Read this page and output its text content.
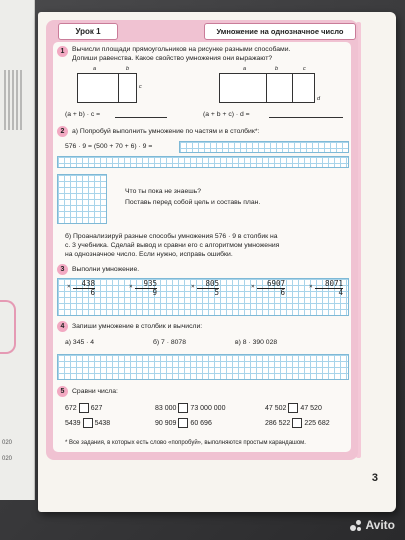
020
020
Урок 1	Умножение на однозначное число
1	Вычисли площади прямоугольников на рисунке разными способами.
Допиши равенства. Какое свойство умножения они выражают?
a	b
c
a	b	c
d
(a + b) · c =	(a + b + c) · d =
2	а) Попробуй выполнить умножение по частям и в столбик*:
576 · 9 = (500 + 70 + 6) · 9 =
Что ты пока не знаешь?
Поставь перед собой цель и составь план.
б) Проанализируй разные способы умножения 576 · 9 в столбик на
с. 3 учебника. Сделай вывод и сравни его с алгоритмом умножения
на однозначное число. Если нужно, исправь ошибки.
3	Выполни умножение.
×	438
6
×	935
9
×	805
5
×	6907
6
×	8071
4
4	Запиши умножение в столбик и вычисли:
а) 345 · 4	б) 7 · 8078	в) 8 · 390 028
5	Сравни числа:
672 627	83 000 73 000 000	47 502 47 520
5439 5438	90 909 60 696	286 522 225 682
* Все задания, в которых есть слово «попробуй», выполняются простым карандашом.
3
Avito
